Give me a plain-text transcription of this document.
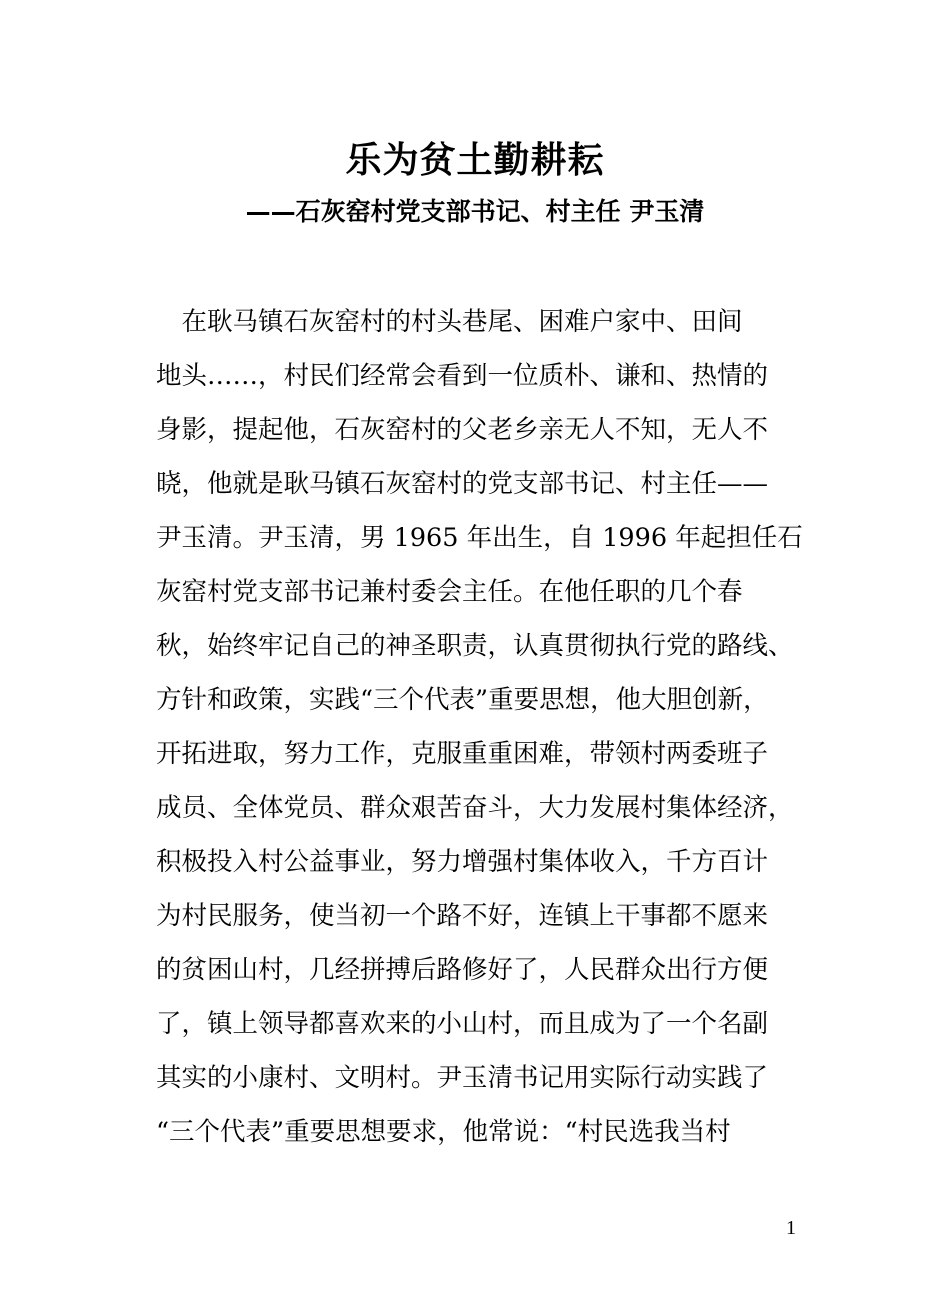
乐为贫土勤耕耘
——石灰窑村党支部书记、村主任 尹玉清
　在耿马镇石灰窑村的村头巷尾、困难户家中、田间
地头……，村民们经常会看到一位质朴、谦和、热情的
身影，提起他，石灰窑村的父老乡亲无人不知，无人不
晓，他就是耿马镇石灰窑村的党支部书记、村主任——
尹玉清。尹玉清，男 1965 年出生，自 1996 年起担任石
灰窑村党支部书记兼村委会主任。在他任职的几个春
秋，始终牢记自己的神圣职责，认真贯彻执行党的路线、
方针和政策，实践“三个代表”重要思想，他大胆创新，
开拓进取，努力工作，克服重重困难，带领村两委班子
成员、全体党员、群众艰苦奋斗，大力发展村集体经济，
积极投入村公益事业，努力增强村集体收入，千方百计
为村民服务，使当初一个路不好，连镇上干事都不愿来
的贫困山村，几经拼搏后路修好了，人民群众出行方便
了，镇上领导都喜欢来的小山村，而且成为了一个名副
其实的小康村、文明村。尹玉清书记用实际行动实践了
“三个代表”重要思想要求，他常说：“村民选我当村
1
